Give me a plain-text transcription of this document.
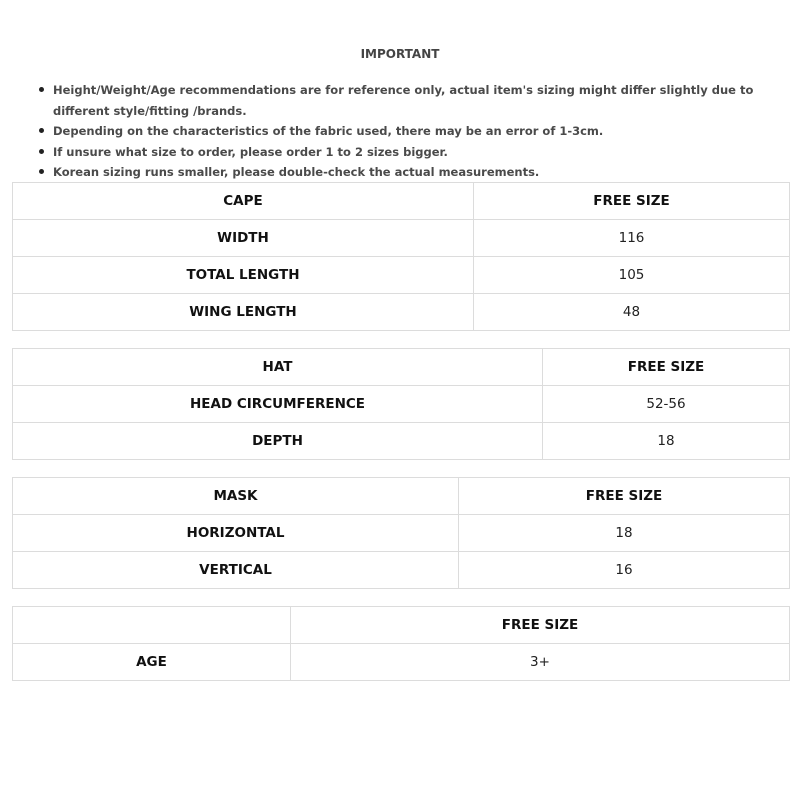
IMPORTANT
Height/Weight/Age recommendations are for reference only, actual item's sizing might differ slightly due to different style/fitting /brands.
Depending on the characteristics of the fabric used, there may be an error of 1-3cm.
If unsure what size to order, please order 1 to 2 sizes bigger.
Korean sizing runs smaller, please double-check the actual measurements.
CAPE	FREE SIZE
WIDTH	116
TOTAL LENGTH	105
WING LENGTH	48
HAT	FREE SIZE
HEAD CIRCUMFERENCE	52-56
DEPTH	18
MASK	FREE SIZE
HORIZONTAL	18
VERTICAL	16
	FREE SIZE
AGE	3+
